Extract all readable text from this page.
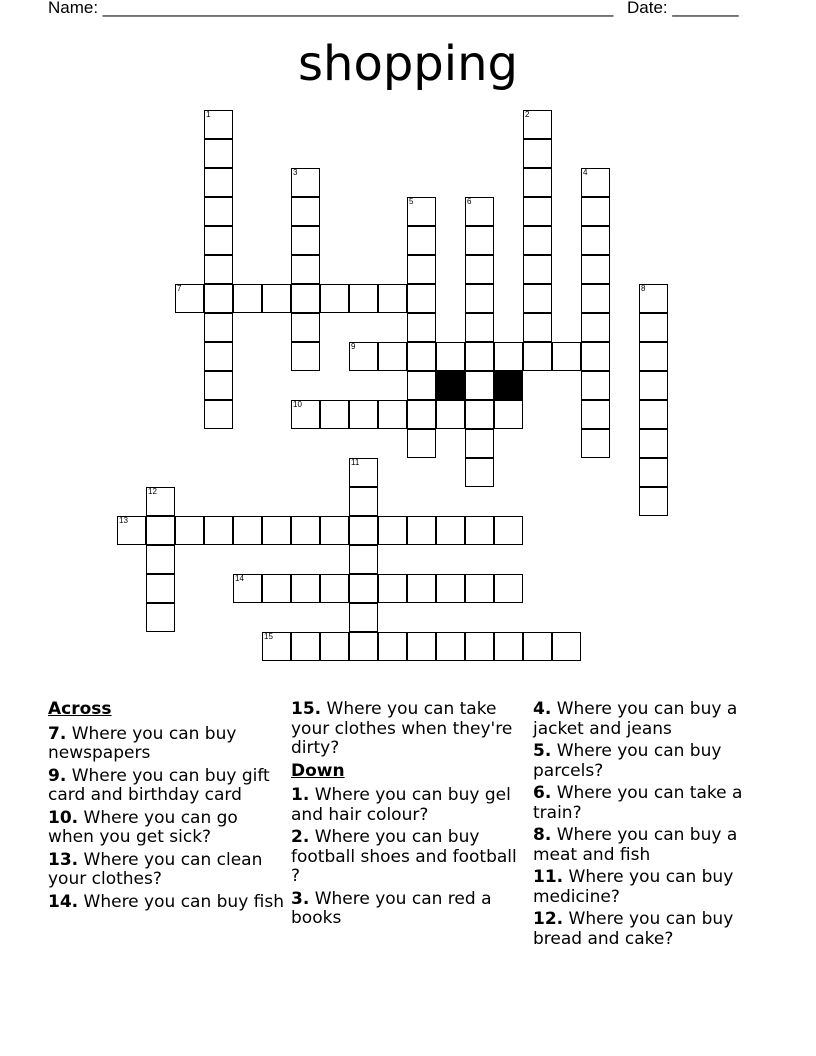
Name: ______________________________________________________ Date: _______
shopping
1	2
3	4
5	6
7	8
9
10
11
12
13
14
15
Across
7. Where you can buy newspapers
9. Where you can buy gift card and birthday card
10. Where you can go when you get sick?
13. Where you can clean your clothes?
14. Where you can buy fish
15. Where you can take your clothes when they're dirty?
Down
1. Where you can buy gel and hair colour?
2. Where you can buy football shoes and football ?
3. Where you can red a books
4. Where you can buy a jacket and jeans
5. Where you can buy parcels?
6. Where you can take a train?
8. Where you can buy a meat and fish
11. Where you can buy medicine?
12. Where you can buy bread and cake?
